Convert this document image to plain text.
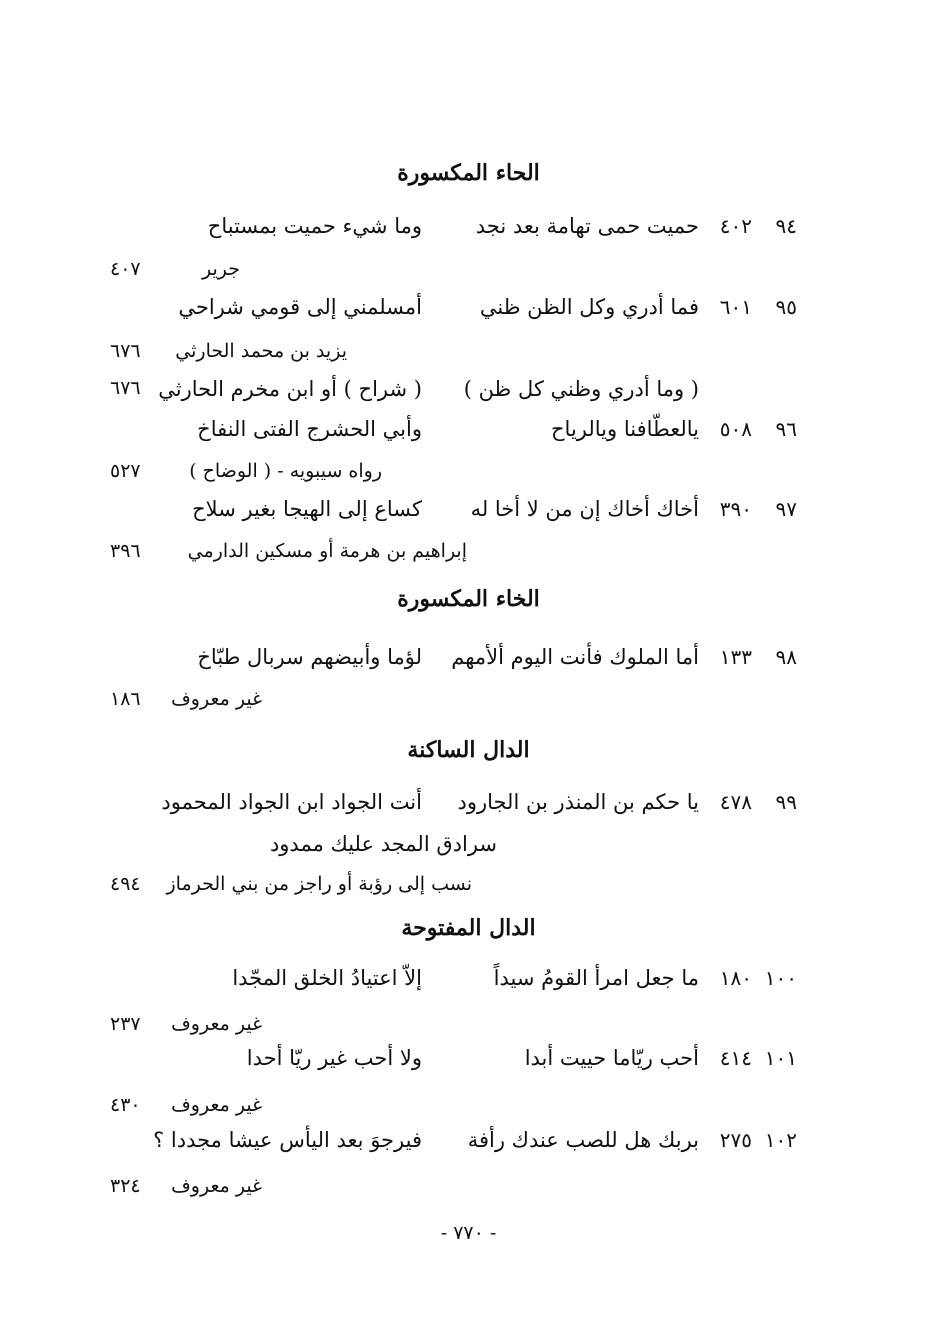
الحاء المكسورة
٩٤
٤٠٢
حميت حمى تهامة بعد نجد
وما شيء حميت بمستباح
جرير
٤٠٧
٩٥
٦٠١
فما أدري وكل الظن ظني
أمسلمني إلى قومي شراحي
يزيد بن محمد الحارثي
٦٧٦
( وما أدري وظني كل ظن )
( شراح ) أو ابن مخرم الحارثي
٦٧٦
٩٦
٥٠٨
يالعطّافنا ويالرياح
وأبي الحشرج الفتى النفاخ
رواه سيبويه - ( الوضاح )
٥٢٧
٩٧
٣٩٠
أخاك أخاك إن من لا أخا له
كساع إلى الهيجا بغير سلاح
إبراهيم بن هرمة أو مسكين الدارمي
٣٩٦
الخاء المكسورة
٩٨
١٣٣
أما الملوك فأنت اليوم ألأمهم
لؤما وأبيضهم سربال طبّاخ
غير معروف
١٨٦
الدال الساكنة
٩٩
٤٧٨
يا حكم بن المنذر بن الجارود
أنت الجواد ابن الجواد المحمود
سرادق المجد عليك ممدود
نسب إلى رؤبة أو راجز من بني الحرماز
٤٩٤
الدال المفتوحة
١٠٠
١٨٠
ما جعل امرأ القومُ سيداً
إلاّ اعتيادُ الخلق المجّدا
غير معروف
٢٣٧
١٠١
٤١٤
أحب ريّاما حييت أبدا
ولا أحب غير ريّا أحدا
غير معروف
٤٣٠
١٠٢
٢٧٥
بربك هل للصب عندك رأفة
فيرجوَ بعد اليأس عيشا مجددا ؟
غير معروف
٣٢٤
- ٧٧٠ -
